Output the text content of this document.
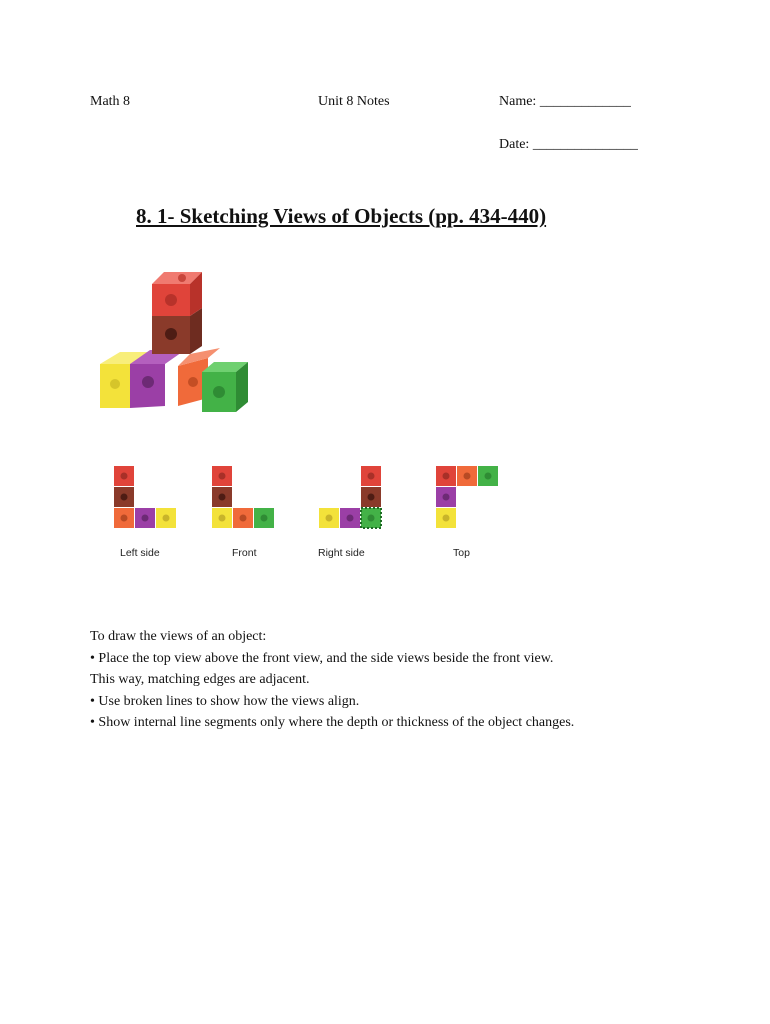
Math 8	Unit 8 Notes	Name: _____________
Date: _______________
8. 1- Sketching Views of Objects (pp. 434-440)
Left side	Front	Right side	Top

To draw the views of an object:

• Place the top view above the front view, and the side views beside the front view.

This way, matching edges are adjacent.

• Use broken lines to show how the views align.

• Show internal line segments only where the depth or thickness of the object changes.
